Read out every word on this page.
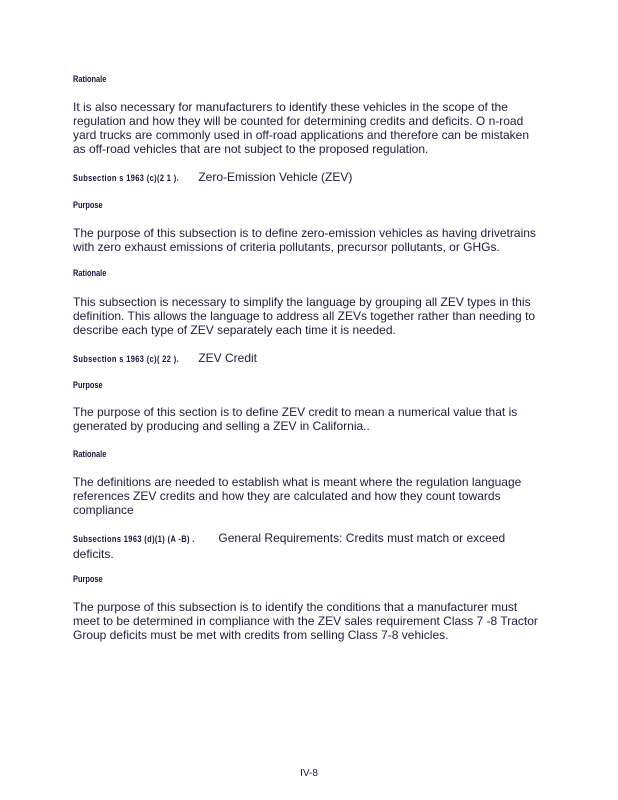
Rationale

It is also necessary for manufacturers to identify these vehicles in the scope of the regulation and how they will be counted for determining credits and deficits. O n-road yard trucks are commonly used in off-road applications and therefore can be mistaken as off-road vehicles that are not subject to the proposed regulation.

Subsection s 1963 (c)(2 1 ). Zero-Emission Vehicle (ZEV)
Purpose

The purpose of this subsection is to define zero-emission vehicles as having drivetrains with zero exhaust emissions of criteria pollutants, precursor pollutants, or GHGs.

Rationale

This subsection is necessary to simplify the language by grouping all ZEV types in this definition. This allows the language to address all ZEVs together rather than needing to describe each type of ZEV separately each time it is needed.

Subsection s 1963 (c)( 22 ). ZEV Credit
Purpose

The purpose of this section is to define ZEV credit to mean a numerical value that is generated by producing and selling a ZEV in California..

Rationale

The definitions are needed to establish what is meant where the regulation language references ZEV credits and how they are calculated and how they count towards compliance

Subsections 1963 (d)(1) (A -B) . General Requirements: Credits must match or exceed deficits.
Purpose

The purpose of this subsection is to identify the conditions that a manufacturer must meet to be determined in compliance with the ZEV sales requirement Class 7 -8 Tractor Group deficits must be met with credits from selling Class 7-8 vehicles.

IV-8
